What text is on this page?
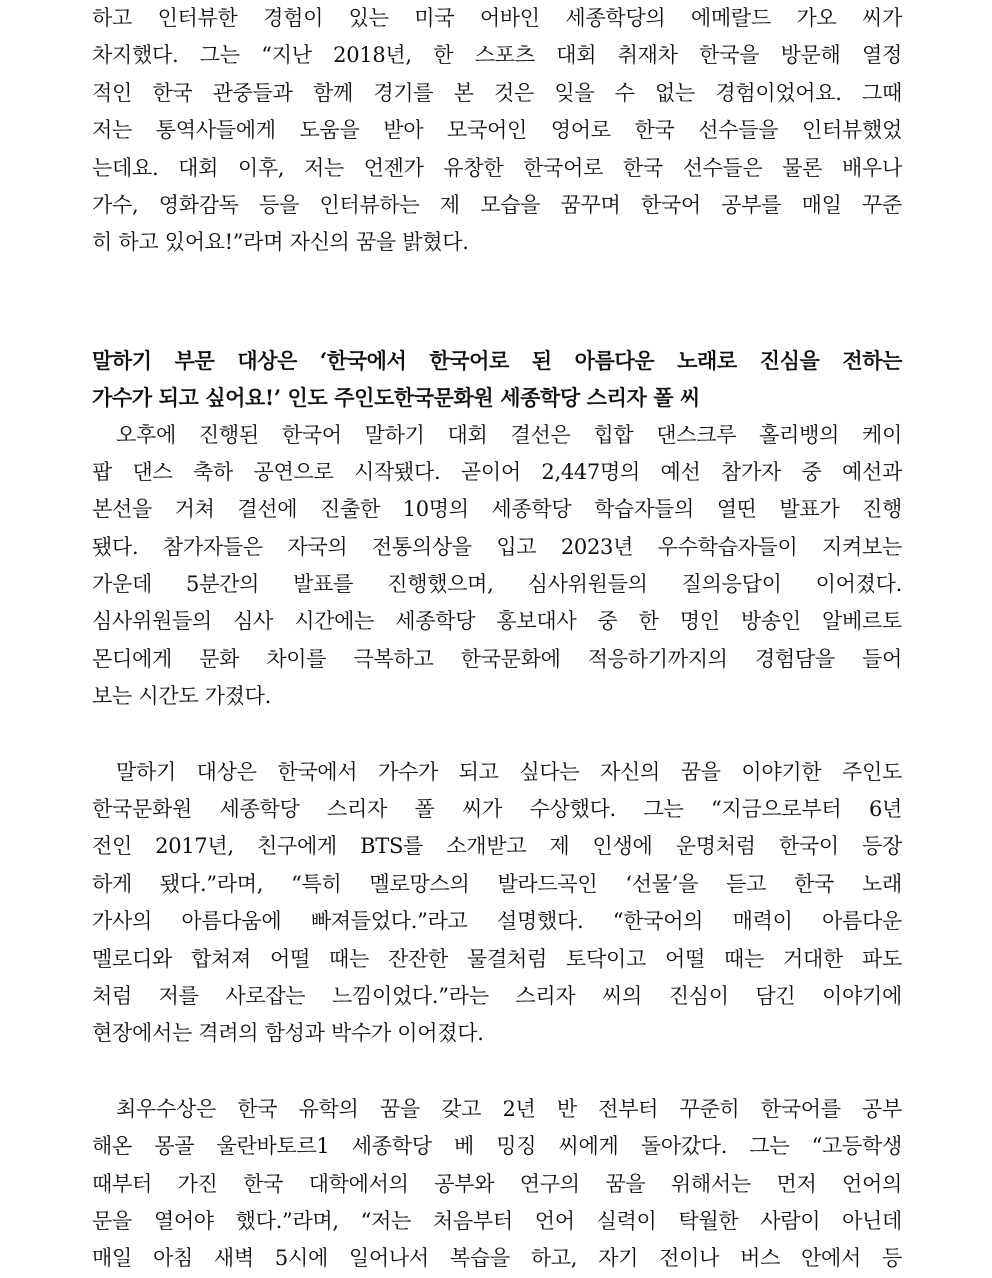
하고 인터뷰한 경험이 있는 미국 어바인 세종학당의 에메랄드 가오 씨가
차지했다. 그는 “지난 2018년, 한 스포츠 대회 취재차 한국을 방문해 열정
적인 한국 관중들과 함께 경기를 본 것은 잊을 수 없는 경험이었어요. 그때
저는 통역사들에게 도움을 받아 모국어인 영어로 한국 선수들을 인터뷰했었
는데요. 대회 이후, 저는 언젠가 유창한 한국어로 한국 선수들은 물론 배우나
가수, 영화감독 등을 인터뷰하는 제 모습을 꿈꾸며 한국어 공부를 매일 꾸준
히 하고 있어요!”라며 자신의 꿈을 밝혔다.
말하기 부문 대상은 ‘한국에서 한국어로 된 아름다운 노래로 진심을 전하는
가수가 되고 싶어요!’ 인도 주인도한국문화원 세종학당 스리자 폴 씨
오후에 진행된 한국어 말하기 대회 결선은 힙합 댄스크루 홀리뱅의 케이
팝 댄스 축하 공연으로 시작됐다. 곧이어 2,447명의 예선 참가자 중 예선과
본선을 거쳐 결선에 진출한 10명의 세종학당 학습자들의 열띤 발표가 진행
됐다. 참가자들은 자국의 전통의상을 입고 2023년 우수학습자들이 지켜보는
가운데 5분간의 발표를 진행했으며, 심사위원들의 질의응답이 이어졌다.
심사위원들의 심사 시간에는 세종학당 홍보대사 중 한 명인 방송인 알베르토
몬디에게 문화 차이를 극복하고 한국문화에 적응하기까지의 경험담을 들어
보는 시간도 가졌다.
말하기 대상은 한국에서 가수가 되고 싶다는 자신의 꿈을 이야기한 주인도
한국문화원 세종학당 스리자 폴 씨가 수상했다. 그는 “지금으로부터 6년
전인 2017년, 친구에게 BTS를 소개받고 제 인생에 운명처럼 한국이 등장
하게 됐다.”라며, “특히 멜로망스의 발라드곡인 ‘선물’을 듣고 한국 노래
가사의 아름다움에 빠져들었다.”라고 설명했다. “한국어의 매력이 아름다운
멜로디와 합쳐져 어떨 때는 잔잔한 물결처럼 토닥이고 어떨 때는 거대한 파도
처럼 저를 사로잡는 느낌이었다.”라는 스리자 씨의 진심이 담긴 이야기에
현장에서는 격려의 함성과 박수가 이어졌다.
최우수상은 한국 유학의 꿈을 갖고 2년 반 전부터 꾸준히 한국어를 공부
해온 몽골 울란바토르1 세종학당 베 밍징 씨에게 돌아갔다. 그는 “고등학생
때부터 가진 한국 대학에서의 공부와 연구의 꿈을 위해서는 먼저 언어의
문을 열어야 했다.”라며, “저는 처음부터 언어 실력이 탁월한 사람이 아닌데
매일 아침 새벽 5시에 일어나서 복습을 하고, 자기 전이나 버스 안에서 등
